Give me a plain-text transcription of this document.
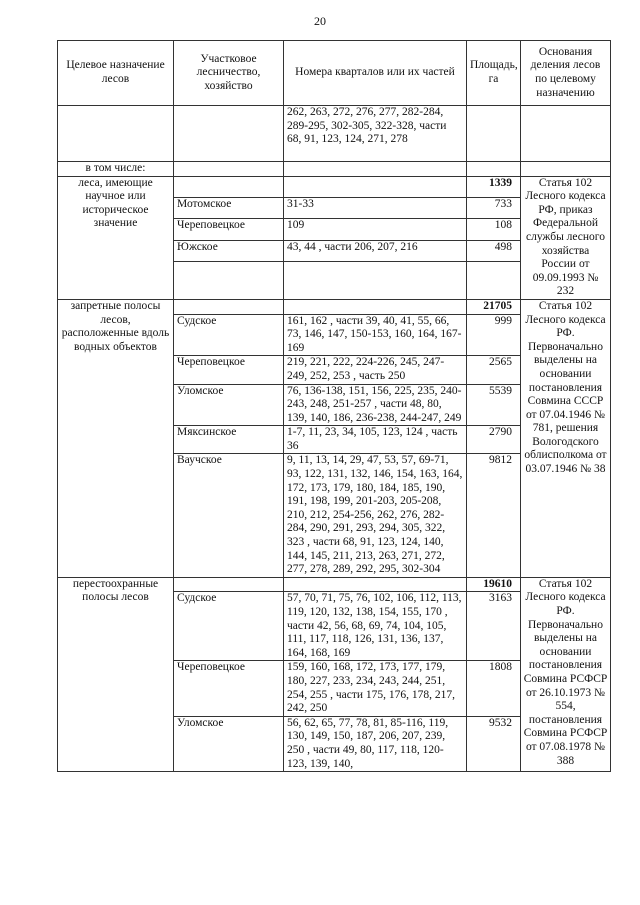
20
Целевое назначение лесов	Участковое лесничество, хозяйство	Номера кварталов или их частей	Площадь, га	Основания деления лесов по целевому назначению
		262, 263, 272, 276, 277, 282-284, 289-295, 302-305, 322-328, части 68, 91, 123, 124, 271, 278		
в том числе:				
леса, имеющие научное или историческое значение			1339	Статья 102 Лесного кодекса РФ, приказ Федеральной службы лесного хозяйства России от 09.09.1993 № 232
	Мотомское	31-33	733	
	Череповецкое	109	108	
	Южское	43, 44 , части 206, 207, 216	498	

запретные полосы лесов, расположенные вдоль водных объектов			21705	Статья 102 Лесного кодекса РФ. Первоначально выделены на основании постановления Совмина СССР от 07.04.1946 № 781, решения Вологодского облисполкома от 03.07.1946 № 38
	Судское	161, 162 , части 39, 40, 41, 55, 66, 73, 146, 147, 150-153, 160, 164, 167-169	999	
	Череповецкое	219, 221, 222, 224-226, 245, 247-249, 252, 253 , часть 250	2565	
	Уломское	76, 136-138, 151, 156, 225, 235, 240-243, 248, 251-257 , части 48, 80, 139, 140, 186, 236-238, 244-247, 249	5539	
	Мяксинское	1-7, 11, 23, 34, 105, 123, 124 , часть 36	2790	
	Ваучское	9, 11, 13, 14, 29, 47, 53, 57, 69-71, 93, 122, 131, 132, 146, 154, 163, 164, 172, 173, 179, 180, 184, 185, 190, 191, 198, 199, 201-203, 205-208, 210, 212, 254-256, 262, 276, 282-284, 290, 291, 293, 294, 305, 322, 323 , части 68, 91, 123, 124, 140, 144, 145, 211, 213, 263, 271, 272, 277, 278, 289, 292, 295, 302-304	9812	
перестоохранные полосы лесов			19610	Статья 102 Лесного кодекса РФ. Первоначально выделены на основании постановления Совмина РСФСР от 26.10.1973 № 554, постановления Совмина РСФСР от 07.08.1978 № 388
	Судское	57, 70, 71, 75, 76, 102, 106, 112, 113, 119, 120, 132, 138, 154, 155, 170 , части 42, 56, 68, 69, 74, 104, 105, 111, 117, 118, 126, 131, 136, 137, 164, 168, 169	3163	
	Череповецкое	159, 160, 168, 172, 173, 177, 179, 180, 227, 233, 234, 243, 244, 251, 254, 255 , части 175, 176, 178, 217, 242, 250	1808	
	Уломское	56, 62, 65, 77, 78, 81, 85-116, 119, 130, 149, 150, 187, 206, 207, 239, 250 , части 49, 80, 117, 118, 120-123, 139, 140,	9532	
